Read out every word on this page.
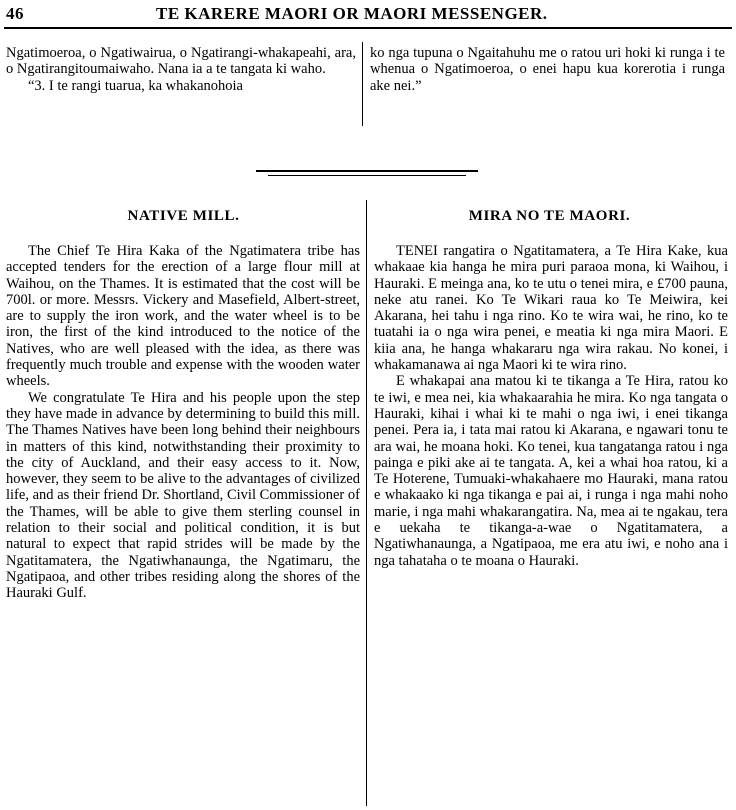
46	TE KARERE MAORI OR MAORI MESSENGER.

Ngatimoeroa, o Ngatiwairua, o Ngatirangi-whakapeahi, ara, o Ngatirangitoumaiwaho. Nana ia a te tangata ki waho.

“3. I te rangi tuarua, ka whakanohoia

ko nga tupuna o Ngaitahuhu me o ratou uri hoki ki runga i te whenua o Ngatimoeroa, o enei hapu kua korerotia i runga ake nei.”

NATIVE MILL.	MIRA NO TE MAORI.

The Chief Te Hira Kaka of the Ngatimatera tribe has accepted tenders for the erection of a large flour mill at Waihou, on the Thames. It is estimated that the cost will be 700l. or more. Messrs. Vickery and Masefield, Albert-street, are to supply the iron work, and the water wheel is to be iron, the first of the kind introduced to the notice of the Natives, who are well pleased with the idea, as there was frequently much trouble and expense with the wooden water wheels.

We congratulate Te Hira and his people upon the step they have made in advance by determining to build this mill. The Thames Natives have been long behind their neighbours in matters of this kind, notwithstanding their proximity to the city of Auckland, and their easy access to it. Now, however, they seem to be alive to the advantages of civilized life, and as their friend Dr. Shortland, Civil Commissioner of the Thames, will be able to give them sterling counsel in relation to their social and political condition, it is but natural to expect that rapid strides will be made by the Ngatitamatera, the Ngatiwhanaunga, the Ngatimaru, the Ngatipaoa, and other tribes residing along the shores of the Hauraki Gulf.

TENEI rangatira o Ngatitamatera, a Te Hira Kake, kua whakaae kia hanga he mira puri paraoa mona, ki Waihou, i Hauraki. E meinga ana, ko te utu o tenei mira, e £700 pauna, neke atu ranei. Ko Te Wikari raua ko Te Meiwira, kei Akarana, hei tahu i nga rino. Ko te wira wai, he rino, ko te tuatahi ia o nga wira penei, e meatia ki nga mira Maori. E kiia ana, he hanga whakararu nga wira rakau. No konei, i whakamanawa ai nga Maori ki te wira rino.

E whakapai ana matou ki te tikanga a Te Hira, ratou ko te iwi, e mea nei, kia whakaarahia he mira. Ko nga tangata o Hauraki, kihai i whai ki te mahi o nga iwi, i enei tikanga penei. Pera ia, i tata mai ratou ki Akarana, e ngawari tonu te ara wai, he moana hoki. Ko tenei, kua tangatanga ratou i nga painga e piki ake ai te tangata. A, kei a whai hoa ratou, ki a Te Hoterene, Tumuaki-whakahaere mo Hauraki, mana ratou e whakaako ki nga tikanga e pai ai, i runga i nga mahi noho marie, i nga mahi whakarangatira. Na, mea ai te ngakau, tera e uekaha te tikanga-a-wae o Ngatitamatera, a Ngatiwhanaunga, a Ngatipaoa, me era atu iwi, e noho ana i nga tahataha o te moana o Hauraki.
